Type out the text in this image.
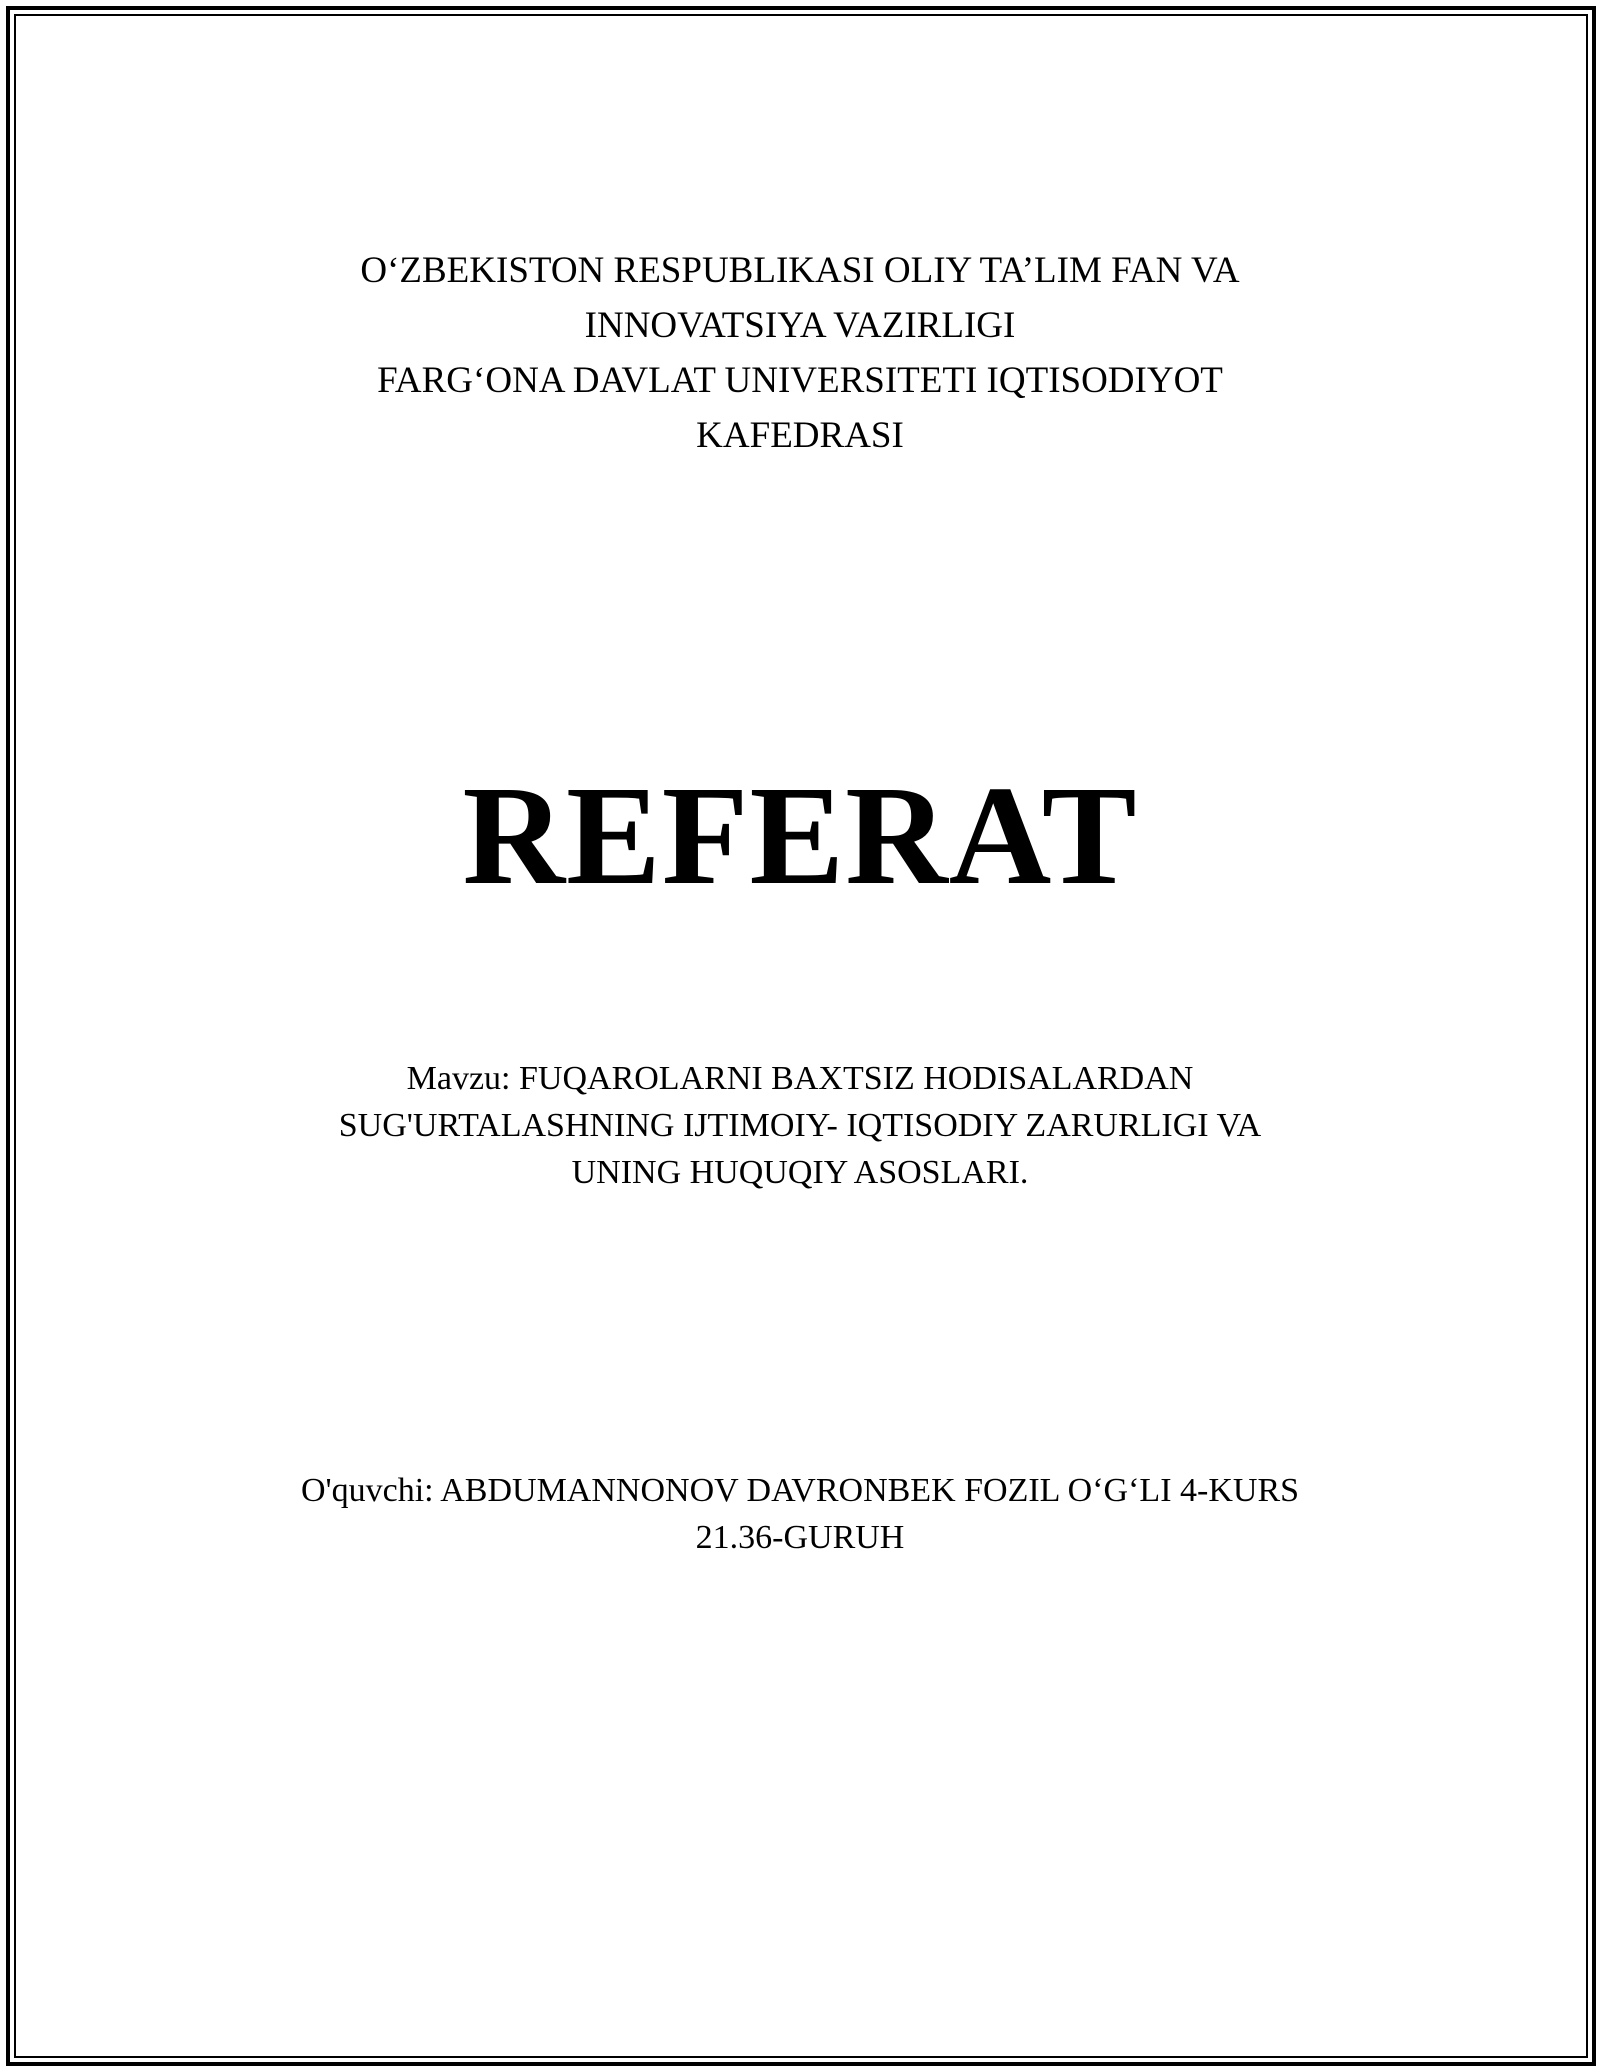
O‘ZBEKISTON RESPUBLIKASI OLIY TA’LIM FAN VA
INNOVATSIYA VAZIRLIGI
FARG‘ONA DAVLAT UNIVERSITETI IQTISODIYOT
KAFEDRASI
REFERAT
Mavzu: FUQAROLARNI BAXTSIZ HODISALARDAN
SUG'URTALASHNING IJTIMOIY- IQTISODIY ZARURLIGI VA
UNING HUQUQIY ASOSLARI.
O'quvchi: ABDUMANNONOV DAVRONBEK FOZIL O‘G‘LI 4-KURS
21.36-GURUH
